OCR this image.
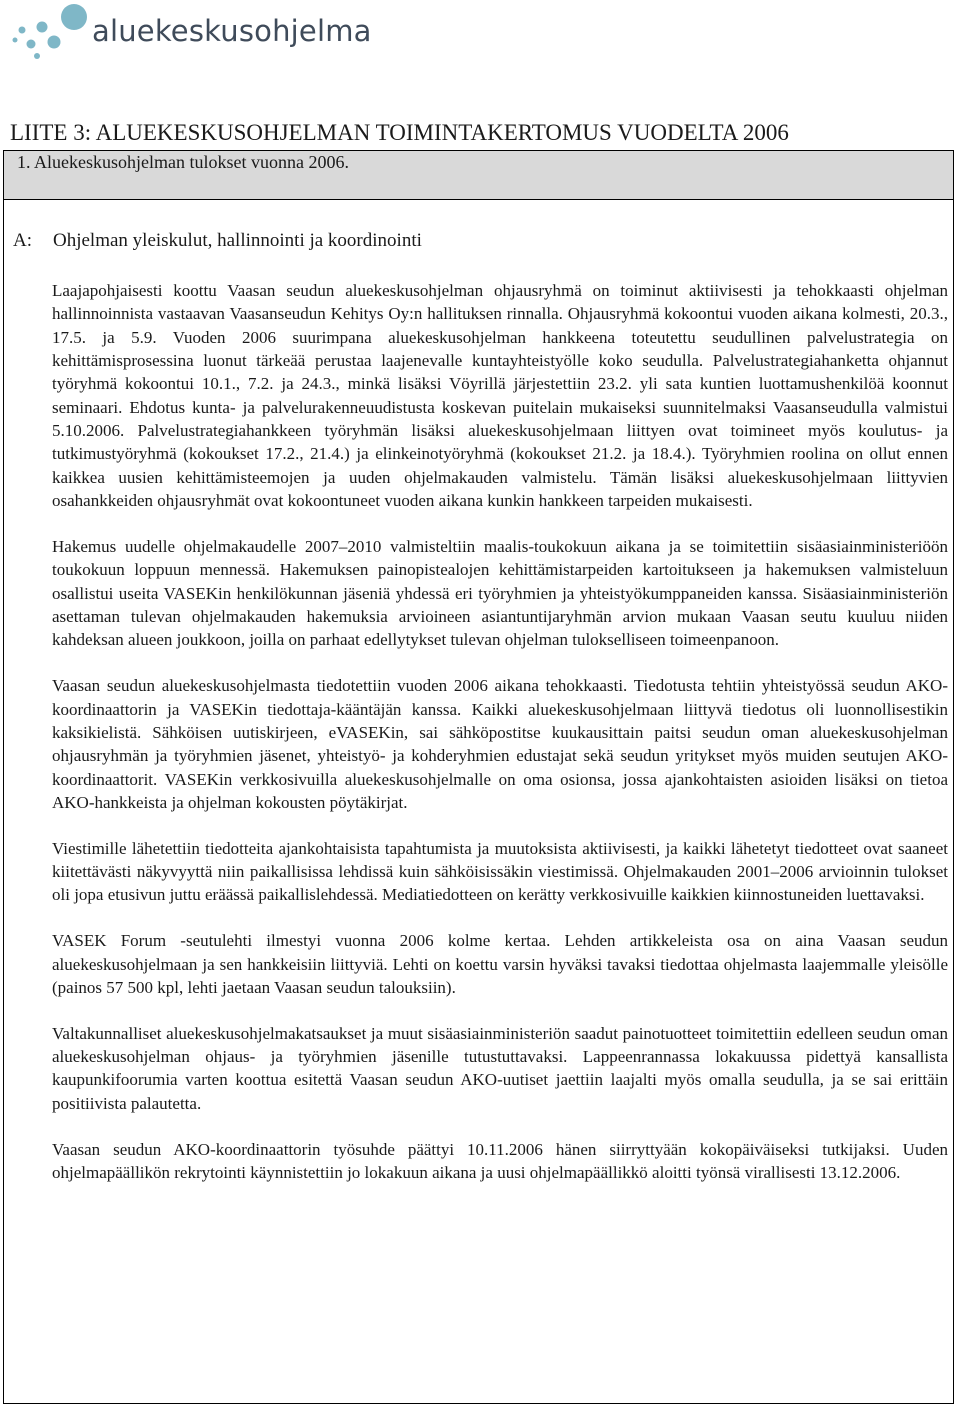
aluekeskusohjelma
LIITE 3: ALUEKESKUSOHJELMAN TOIMINTAKERTOMUS VUODELTA 2006
1. Aluekeskusohjelman tulokset vuonna 2006.
A: Ohjelman yleiskulut, hallinnointi ja koordinointi

Laajapohjaisesti koottu Vaasan seudun aluekeskusohjelman ohjausryhmä on toiminut aktiivisesti ja tehokkaasti ohjelman hallinnoinnista vastaavan Vaasanseudun Kehitys Oy:n hallituksen rinnalla. Ohjausryhmä kokoontui vuoden aikana kolmesti, 20.3., 17.5. ja 5.9. Vuoden 2006 suurimpana aluekeskusohjelman hankkeena toteutettu seudullinen palvelustrategia on kehittämisprosessina luonut tärkeää perustaa laajenevalle kuntayhteistyölle koko seudulla. Palvelustrategiahanketta ohjannut työryhmä kokoontui 10.1., 7.2. ja 24.3., minkä lisäksi Vöyrillä järjestettiin 23.2. yli sata kuntien luottamushenkilöä koonnut seminaari. Ehdotus kunta- ja palvelurakenneuudistusta koskevan puitelain mukaiseksi suunnitelmaksi Vaasanseudulla valmistui 5.10.2006. Palvelustrategiahankkeen työryhmän lisäksi aluekeskusohjelmaan liittyen ovat toimineet myös koulutus- ja tutkimustyöryhmä (kokoukset 17.2., 21.4.) ja elinkeinotyöryhmä (kokoukset 21.2. ja 18.4.). Työryhmien roolina on ollut ennen kaikkea uusien kehittämisteemojen ja uuden ohjelmakauden valmistelu. Tämän lisäksi aluekeskusohjelmaan liittyvien osahankkeiden ohjausryhmät ovat kokoontuneet vuoden aikana kunkin hankkeen tarpeiden mukaisesti.

Hakemus uudelle ohjelmakaudelle 2007–2010 valmisteltiin maalis-toukokuun aikana ja se toimitettiin sisäasiainministeriöön toukokuun loppuun mennessä. Hakemuksen painopistealojen kehittämistarpeiden kartoitukseen ja hakemuksen valmisteluun osallistui useita VASEKin henkilökunnan jäseniä yhdessä eri työryhmien ja yhteistyökumppaneiden kanssa. Sisäasiainministeriön asettaman tulevan ohjelmakauden hakemuksia arvioineen asiantuntijaryhmän arvion mukaan Vaasan seutu kuuluu niiden kahdeksan alueen joukkoon, joilla on parhaat edellytykset tulevan ohjelman tulokselliseen toimeenpanoon.

Vaasan seudun aluekeskusohjelmasta tiedotettiin vuoden 2006 aikana tehokkaasti. Tiedotusta tehtiin yhteistyössä seudun AKO-koordinaattorin ja VASEKin tiedottaja-kääntäjän kanssa. Kaikki aluekeskusohjelmaan liittyvä tiedotus oli luonnollisestikin kaksikielistä. Sähköisen uutiskirjeen, eVASEKin, sai sähköpostitse kuukausittain paitsi seudun oman aluekeskusohjelman ohjausryhmän ja työryhmien jäsenet, yhteistyö- ja kohderyhmien edustajat sekä seudun yritykset myös muiden seutujen AKO-koordinaattorit. VASEKin verkkosivuilla aluekeskusohjelmalle on oma osionsa, jossa ajankohtaisten asioiden lisäksi on tietoa AKO-hankkeista ja ohjelman kokousten pöytäkirjat.

Viestimille lähetettiin tiedotteita ajankohtaisista tapahtumista ja muutoksista aktiivisesti, ja kaikki lähetetyt tiedotteet ovat saaneet kiitettävästi näkyvyyttä niin paikallisissa lehdissä kuin sähköisissäkin viestimissä. Ohjelmakauden 2001–2006 arvioinnin tulokset oli jopa etusivun juttu eräässä paikallislehdessä. Mediatiedotteen on kerätty verkkosivuille kaikkien kiinnostuneiden luettavaksi.

VASEK Forum -seutulehti ilmestyi vuonna 2006 kolme kertaa. Lehden artikkeleista osa on aina Vaasan seudun aluekeskusohjelmaan ja sen hankkeisiin liittyviä. Lehti on koettu varsin hyväksi tavaksi tiedottaa ohjelmasta laajemmalle yleisölle (painos 57 500 kpl, lehti jaetaan Vaasan seudun talouksiin).

Valtakunnalliset aluekeskusohjelmakatsaukset ja muut sisäasiainministeriön saadut painotuotteet toimitettiin edelleen seudun oman aluekeskusohjelman ohjaus- ja työryhmien jäsenille tutustuttavaksi. Lappeenrannassa lokakuussa pidettyä kansallista kaupunkifoorumia varten koottua esitettä Vaasan seudun AKO-uutiset jaettiin laajalti myös omalla seudulla, ja se sai erittäin positiivista palautetta.

Vaasan seudun AKO-koordinaattorin työsuhde päättyi 10.11.2006 hänen siirryttyään kokopäiväiseksi tutkijaksi. Uuden ohjelmapäällikön rekrytointi käynnistettiin jo lokakuun aikana ja uusi ohjelmapäällikkö aloitti työnsä virallisesti 13.12.2006.
